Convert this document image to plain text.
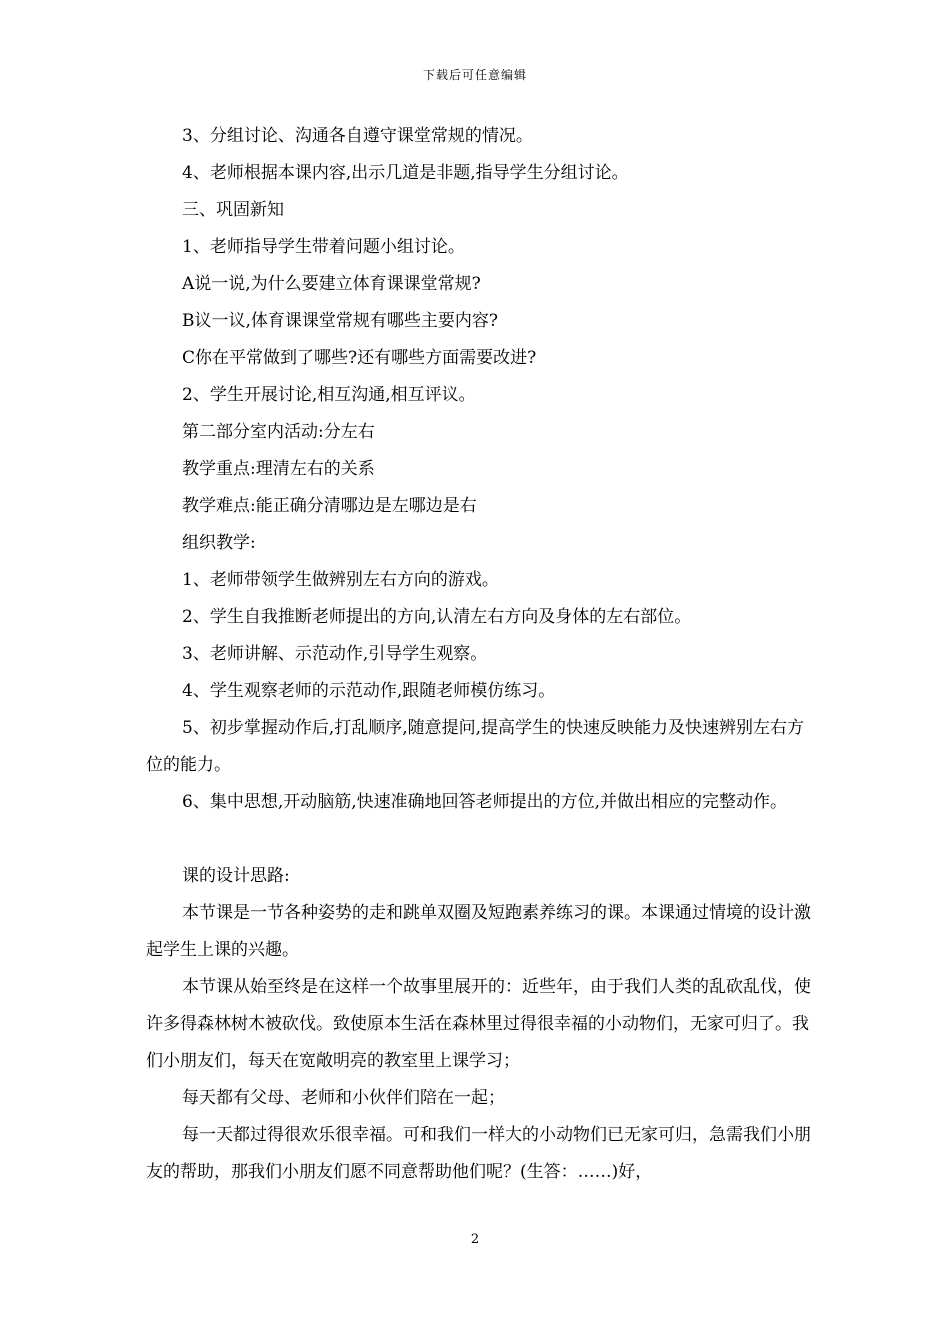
下载后可任意编辑
3、分组讨论、沟通各自遵守课堂常规的情况。
4、老师根据本课内容,出示几道是非题,指导学生分组讨论。
三、巩固新知
1、老师指导学生带着问题小组讨论。
A说一说,为什么要建立体育课课堂常规?
B议一议,体育课课堂常规有哪些主要内容?
C你在平常做到了哪些?还有哪些方面需要改进?
2、学生开展讨论,相互沟通,相互评议。
第二部分室内活动:分左右
教学重点:理清左右的关系
教学难点:能正确分清哪边是左哪边是右
组织教学:
1、老师带领学生做辨别左右方向的游戏。
2、学生自我推断老师提出的方向,认清左右方向及身体的左右部位。
3、老师讲解、示范动作,引导学生观察。
4、学生观察老师的示范动作,跟随老师模仿练习。
5、初步掌握动作后,打乱顺序,随意提问,提高学生的快速反映能力及快速辨别左右方位的能力。
6、集中思想,开动脑筋,快速准确地回答老师提出的方位,并做出相应的完整动作。
课的设计思路:
本节课是一节各种姿势的走和跳单双圈及短跑素养练习的课。本课通过情境的设计激起学生上课的兴趣。
本节课从始至终是在这样一个故事里展开的：近些年，由于我们人类的乱砍乱伐，使许多得森林树木被砍伐。致使原本生活在森林里过得很幸福的小动物们，无家可归了。我们小朋友们，每天在宽敞明亮的教室里上课学习；
每天都有父母、老师和小伙伴们陪在一起；
每一天都过得很欢乐很幸福。可和我们一样大的小动物们已无家可归，急需我们小朋友的帮助，那我们小朋友们愿不同意帮助他们呢？(生答：……)好，
2
